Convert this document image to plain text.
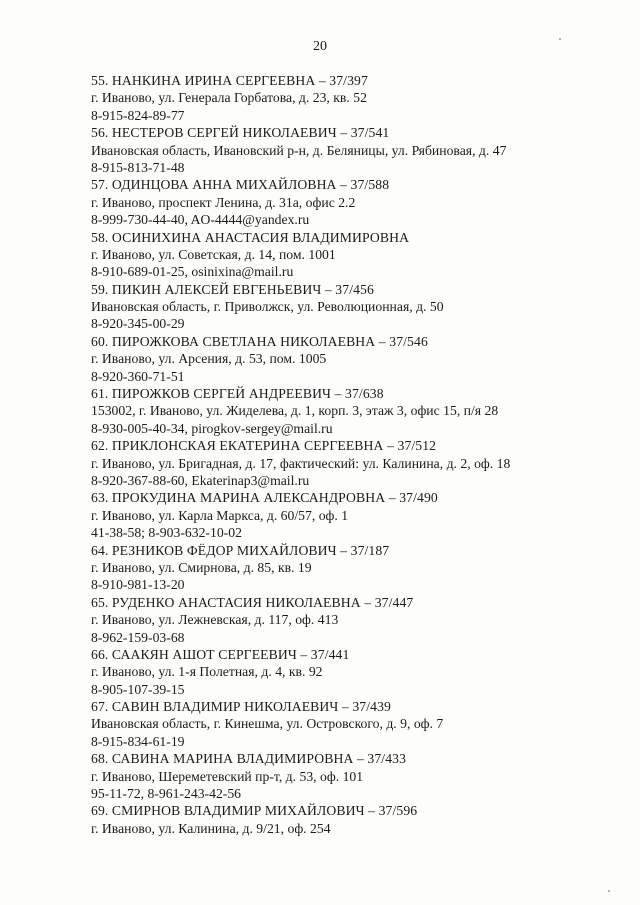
20
55. НАНКИНА ИРИНА СЕРГЕЕВНА – 37/397
г. Иваново, ул. Генерала Горбатова, д. 23, кв. 52
8-915-824-89-77
56. НЕСТЕРОВ СЕРГЕЙ НИКОЛАЕВИЧ – 37/541
Ивановская область, Ивановский р-н, д. Беляницы, ул. Рябиновая, д. 47
8-915-813-71-48
57. ОДИНЦОВА АННА МИХАЙЛОВНА – 37/588
г. Иваново, проспект Ленина, д. 31а, офис 2.2
8-999-730-44-40, AO-4444@yandex.ru
58. ОСИНИХИНА АНАСТАСИЯ ВЛАДИМИРОВНА
г. Иваново, ул. Советская, д. 14, пом. 1001
8-910-689-01-25, osinixina@mail.ru
59. ПИКИН АЛЕКСЕЙ ЕВГЕНЬЕВИЧ – 37/456
Ивановская область, г. Приволжск, ул. Революционная, д. 50
8-920-345-00-29
60. ПИРОЖКОВА СВЕТЛАНА НИКОЛАЕВНА – 37/546
г. Иваново, ул. Арсения, д. 53, пом. 1005
8-920-360-71-51
61. ПИРОЖКОВ СЕРГЕЙ АНДРЕЕВИЧ – 37/638
153002, г. Иваново, ул. Жиделева, д. 1, корп. 3, этаж 3, офис 15, п/я 28
8-930-005-40-34, pirogkov-sergey@mail.ru
62. ПРИКЛОНСКАЯ ЕКАТЕРИНА СЕРГЕЕВНА – 37/512
г. Иваново, ул. Бригадная, д. 17, фактический: ул. Калинина, д. 2, оф. 18
8-920-367-88-60, Ekaterinap3@mail.ru
63. ПРОКУДИНА МАРИНА АЛЕКСАНДРОВНА – 37/490
г. Иваново, ул. Карла Маркса, д. 60/57, оф. 1
41-38-58; 8-903-632-10-02
64. РЕЗНИКОВ ФЁДОР МИХАЙЛОВИЧ – 37/187
г. Иваново, ул. Смирнова, д. 85, кв. 19
8-910-981-13-20
65. РУДЕНКО АНАСТАСИЯ НИКОЛАЕВНА – 37/447
г. Иваново, ул. Лежневская, д. 117, оф. 413
8-962-159-03-68
66. СААКЯН АШОТ СЕРГЕЕВИЧ – 37/441
г. Иваново, ул. 1-я Полетная, д. 4, кв. 92
8-905-107-39-15
67. САВИН ВЛАДИМИР НИКОЛАЕВИЧ – 37/439
Ивановская область, г. Кинешма, ул. Островского, д. 9, оф. 7
8-915-834-61-19
68. САВИНА МАРИНА ВЛАДИМИРОВНА – 37/433
г. Иваново, Шереметевский пр-т, д. 53, оф. 101
95-11-72, 8-961-243-42-56
69. СМИРНОВ ВЛАДИМИР МИХАЙЛОВИЧ – 37/596
г. Иваново, ул. Калинина, д. 9/21, оф. 254
